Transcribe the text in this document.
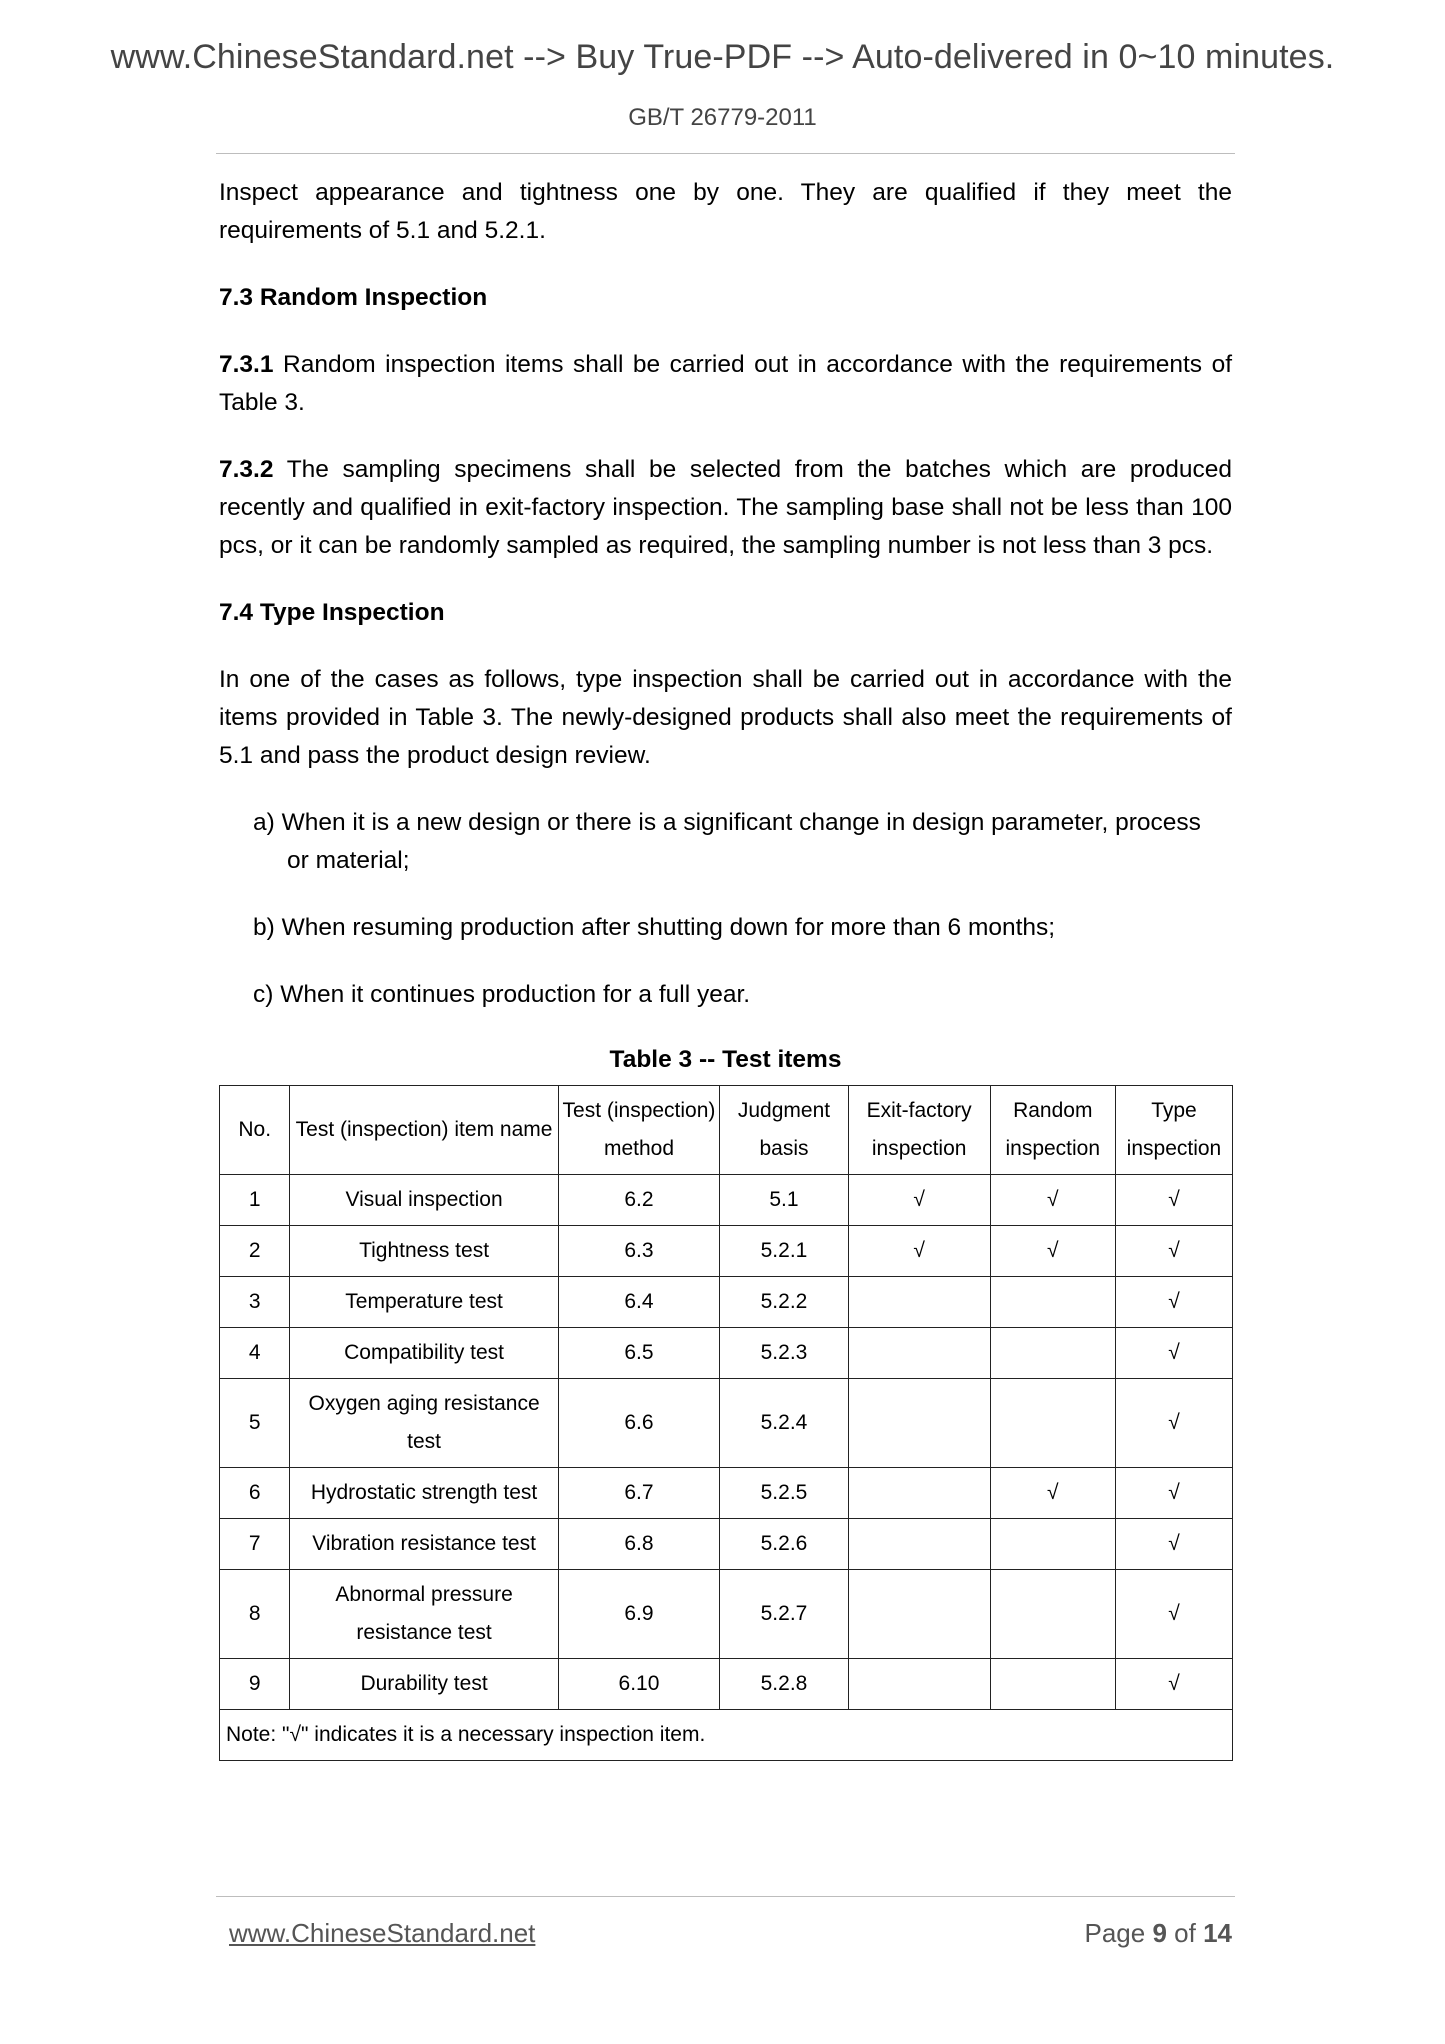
www.ChineseStandard.net --> Buy True-PDF --> Auto-delivered in 0~10 minutes.
GB/T 26779-2011

Inspect appearance and tightness one by one. They are qualified if they meet the requirements of 5.1 and 5.2.1.

7.3 Random Inspection

7.3.1 Random inspection items shall be carried out in accordance with the requirements of Table 3.

7.3.2 The sampling specimens shall be selected from the batches which are produced recently and qualified in exit-factory inspection. The sampling base shall not be less than 100 pcs, or it can be randomly sampled as required, the sampling number is not less than 3 pcs.

7.4 Type Inspection

In one of the cases as follows, type inspection shall be carried out in accordance with the items provided in Table 3. The newly-designed products shall also meet the requirements of 5.1 and pass the product design review.

a) When it is a new design or there is a significant change in design parameter, process
or material;

b) When resuming production after shutting down for more than 6 months;

c) When it continues production for a full year.

Table 3 -- Test items
No.	Test (inspection) item name	Test (inspection) method	Judgment basis	Exit-factory inspection	Random inspection	Type inspection
1	Visual inspection	6.2	5.1	√	√	√
2	Tightness test	6.3	5.2.1	√	√	√
3	Temperature test	6.4	5.2.2			√
4	Compatibility test	6.5	5.2.3			√
5	Oxygen aging resistance test	6.6	5.2.4			√
6	Hydrostatic strength test	6.7	5.2.5		√	√
7	Vibration resistance test	6.8	5.2.6			√
8	Abnormal pressure resistance test	6.9	5.2.7			√
9	Durability test	6.10	5.2.8			√
Note: "√" indicates it is a necessary inspection item.						
www.ChineseStandard.net	Page 9 of 14
